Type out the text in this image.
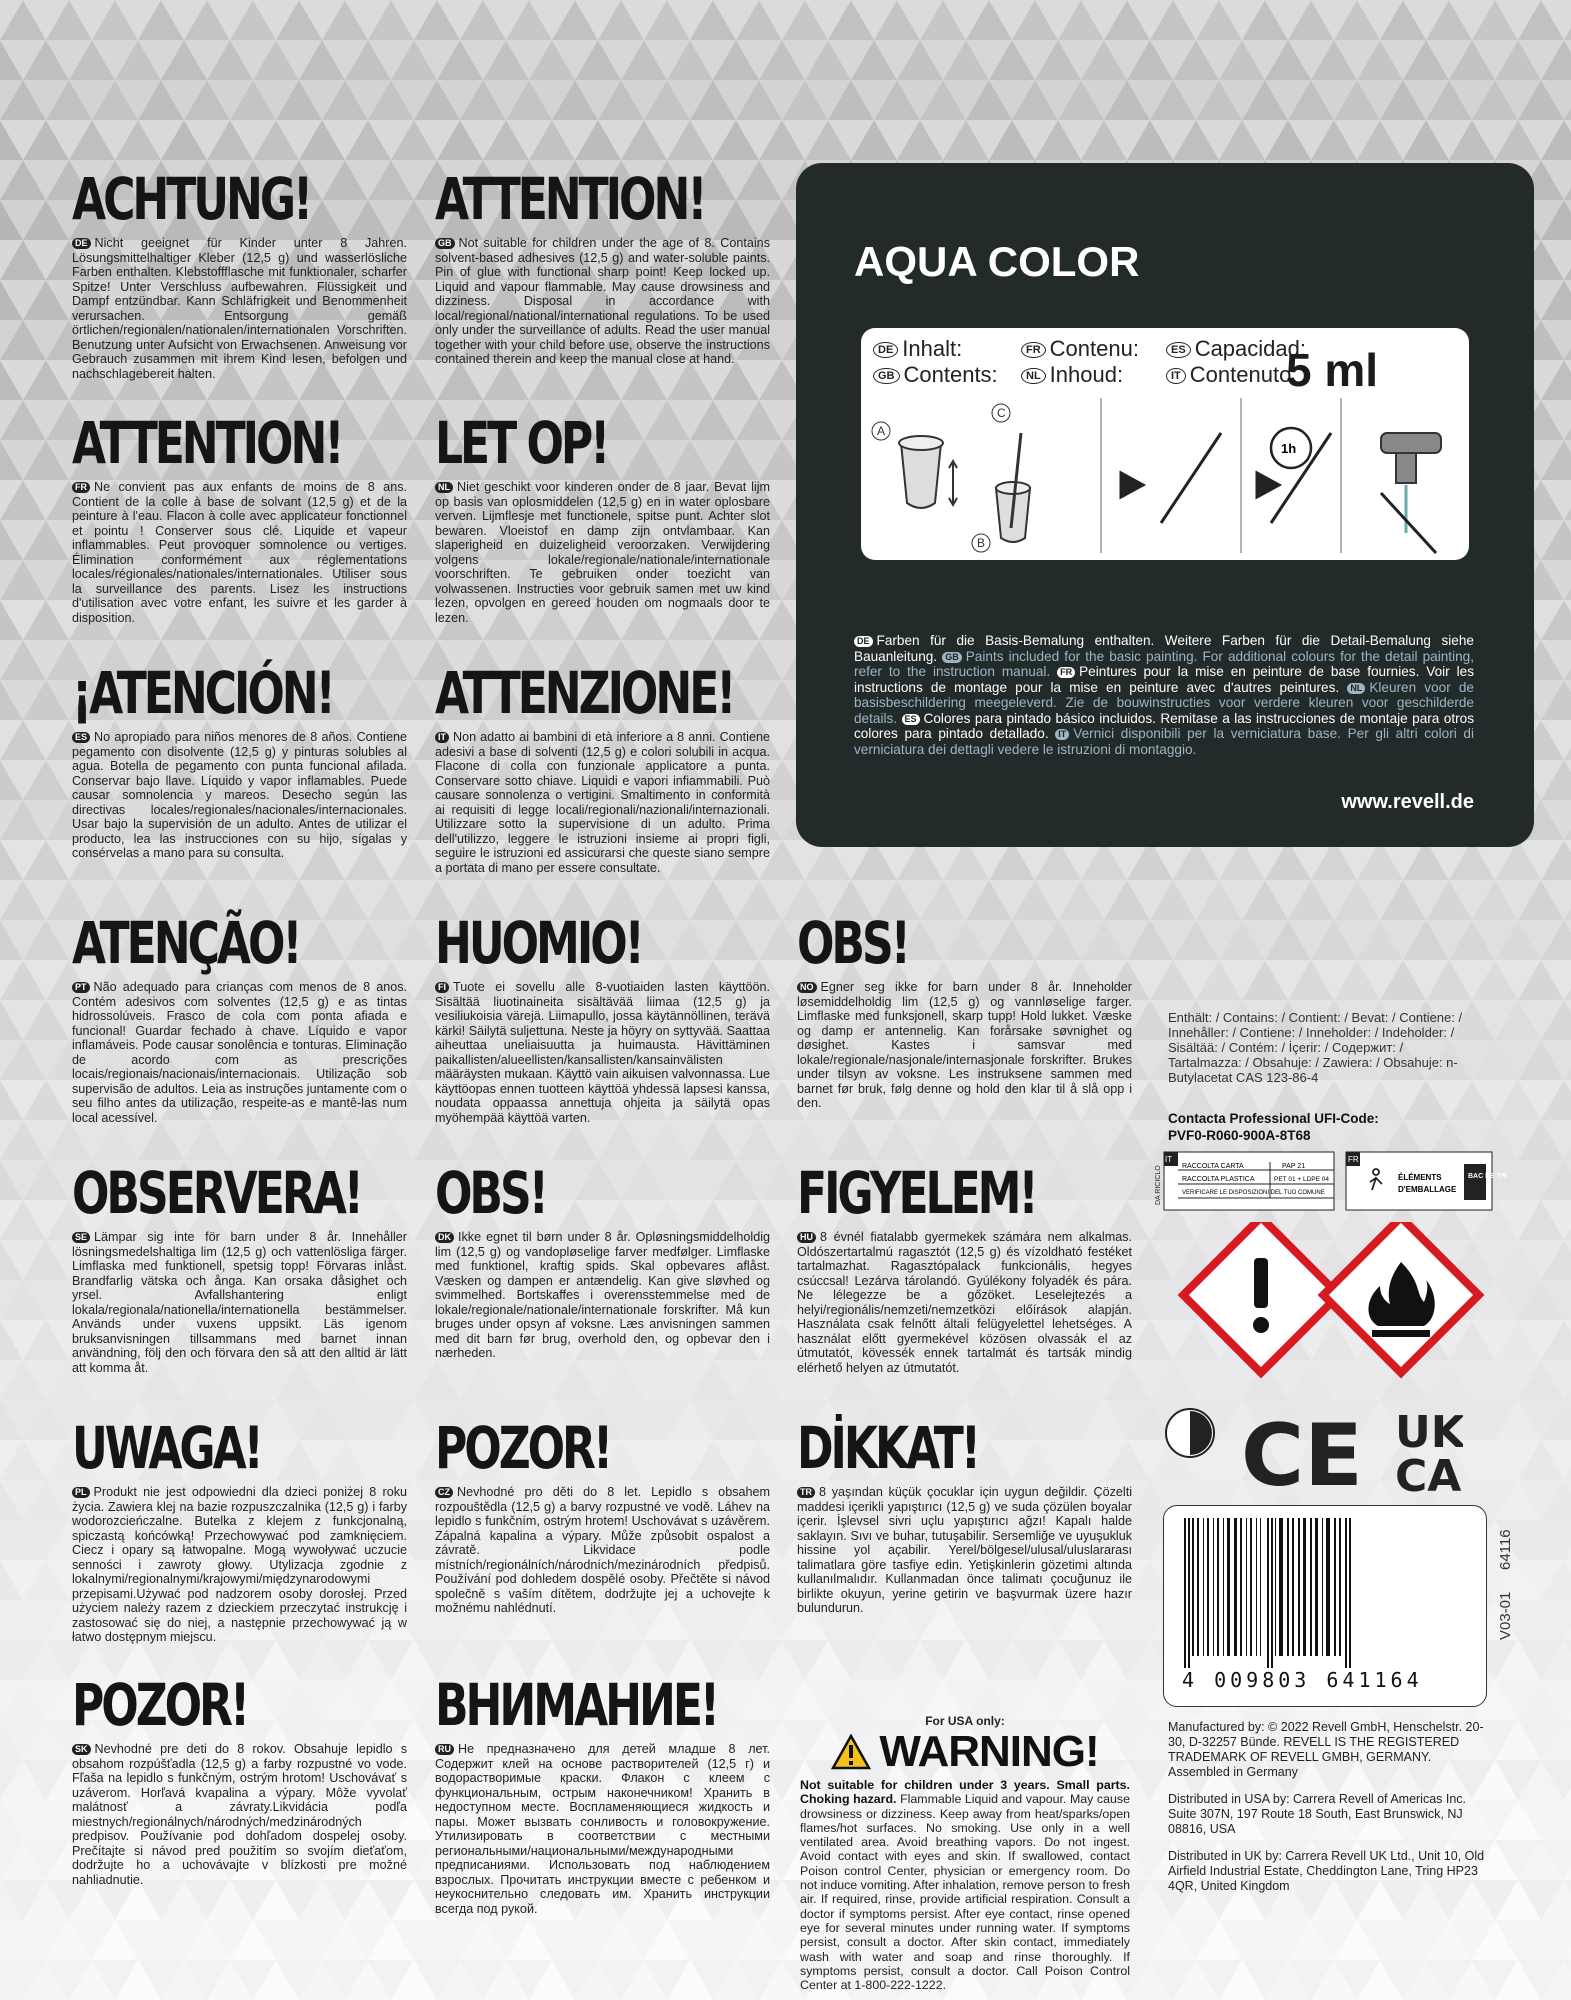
ACHTUNG!

DE Nicht geeignet für Kinder unter 8 Jahren. Lösungsmittelhaltiger Kleber (12,5 g) und wasserlösliche Farben enthalten. Klebstoffflasche mit funktionaler, scharfer Spitze! Unter Verschluss aufbewahren. Flüssigkeit und Dampf entzündbar. Kann Schläfrigkeit und Benommenheit verursachen. Entsorgung gemäß örtlichen/regionalen/nationalen/internationalen Vorschriften. Benutzung unter Aufsicht von Erwachsenen. Anweisung vor Gebrauch zusammen mit ihrem Kind lesen, befolgen und nachschlagebereit halten.

ATTENTION!

GB Not suitable for children under the age of 8. Contains solvent-based adhesives (12,5 g) and water-soluble paints. Pin of glue with functional sharp point! Keep locked up. Liquid and vapour flammable. May cause drowsiness and dizziness. Disposal in accordance with local/regional/national/international regulations. To be used only under the surveillance of adults. Read the user manual together with your child before use, observe the instructions contained therein and keep the manual close at hand.

ATTENTION!

FR Ne convient pas aux enfants de moins de 8 ans. Contient de la colle à base de solvant (12,5 g) et de la peinture à l'eau. Flacon à colle avec applicateur fonctionnel et pointu ! Conserver sous clé. Liquide et vapeur inflammables. Peut provoquer somnolence ou vertiges. Élimination conformément aux réglementations locales/régionales/nationales/internationales. Utiliser sous la surveillance des parents. Lisez les instructions d'utilisation avec votre enfant, les suivre et les garder à disposition.

LET OP!

NL Niet geschikt voor kinderen onder de 8 jaar. Bevat lijm op basis van oplosmiddelen (12,5 g) en in water oplosbare verven. Lijmflesje met functionele, spitse punt. Achter slot bewaren. Vloeistof en damp zijn ontvlambaar. Kan slaperigheid en duizeligheid veroorzaken. Verwijdering volgens lokale/regionale/nationale/internationale voorschriften. Te gebruiken onder toezicht van volwassenen. Instructies voor gebruik samen met uw kind lezen, opvolgen en gereed houden om nogmaals door te lezen.

¡ATENCIÓN!

ES No apropiado para niños menores de 8 años. Contiene pegamento con disolvente (12,5 g) y pinturas solubles al agua. Botella de pegamento con punta funcional afilada. Conservar bajo llave. Líquido y vapor inflamables. Puede causar somnolencia y mareos. Desecho según las directivas locales/regionales/nacionales/internacionales. Usar bajo la supervisión de un adulto. Antes de utilizar el producto, lea las instrucciones con su hijo, sígalas y consérvelas a mano para su consulta.

ATTENZIONE!

IT Non adatto ai bambini di età inferiore a 8 anni. Contiene adesivi a base di solventi (12,5 g) e colori solubili in acqua. Flacone di colla con funzionale applicatore a punta. Conservare sotto chiave. Liquidi e vapori infiammabili. Può causare sonnolenza o vertigini. Smaltimento in conformità ai requisiti di legge locali/regionali/nazionali/internazionali. Utilizzare sotto la supervisione di un adulto. Prima dell'utilizzo, leggere le istruzioni insieme ai propri figli, seguire le istruzioni ed assicurarsi che queste siano sempre a portata di mano per essere consultate.

ATENÇÃO!

PT Não adequado para crianças com menos de 8 anos. Contém adesivos com solventes (12,5 g) e as tintas hidrossolúveis. Frasco de cola com ponta afiada e funcional! Guardar fechado à chave. Líquido e vapor inflamáveis. Pode causar sonolência e tonturas. Eliminação de acordo com as prescrições locais/regionais/nacionais/internacionais. Utilização sob supervisão de adultos. Leia as instruções juntamente com o seu filho antes da utilização, respeite-as e mantê-las num local acessível.

HUOMIO!

FI Tuote ei sovellu alle 8-vuotiaiden lasten käyttöön. Sisältää liuotinaineita sisältävää liimaa (12,5 g) ja vesiliukoisia värejä. Liimapullo, jossa käytännöllinen, terävä kärki! Säilytä suljettuna. Neste ja höyry on syttyvää. Saattaa aiheuttaa uneliaisuutta ja huimausta. Hävittäminen paikallisten/alueellisten/kansallisten/kansainvälisten määräysten mukaan. Käyttö vain aikuisen valvonnassa. Lue käyttöopas ennen tuotteen käyttöä yhdessä lapsesi kanssa, noudata oppaassa annettuja ohjeita ja säilytä opas myöhempää käyttöä varten.

OBS!

NO Egner seg ikke for barn under 8 år. Inneholder løsemiddelholdig lim (12,5 g) og vannløselige farger. Limflaske med funksjonell, skarp tupp! Hold lukket. Væske og damp er antennelig. Kan forårsake søvnighet og døsighet. Kastes i samsvar med lokale/regionale/nasjonale/internasjonale forskrifter. Brukes under tilsyn av voksne. Les instruksene sammen med barnet før bruk, følg denne og hold den klar til å slå opp i den.

OBSERVERA!

SE Lämpar sig inte för barn under 8 år. Innehåller lösningsmedelshaltiga lim (12,5 g) och vattenlösliga färger. Limflaska med funktionell, spetsig topp! Förvaras inlåst. Brandfarlig vätska och ånga. Kan orsaka dåsighet och yrsel. Avfallshantering enligt lokala/regionala/nationella/internationella bestämmelser. Används under vuxens uppsikt. Läs igenom bruksanvisningen tillsammans med barnet innan användning, följ den och förvara den så att den alltid är lätt att komma åt.

OBS!

DK Ikke egnet til børn under 8 år. Opløsningsmiddelholdig lim (12,5 g) og vandopløselige farver medfølger. Limflaske med funktionel, kraftig spids. Skal opbevares aflåst. Væsken og dampen er antændelig. Kan give sløvhed og svimmelhed. Bortskaffes i overensstemmelse med de lokale/regionale/nationale/internationale forskrifter. Må kun bruges under opsyn af voksne. Læs anvisningen sammen med dit barn før brug, overhold den, og opbevar den i nærheden.

FIGYELEM!

HU 8 évnél fiatalabb gyermekek számára nem alkalmas. Oldószertartalmú ragasztót (12,5 g) és vízoldható festéket tartalmazhat. Ragasztópalack funkcionális, hegyes csúccsal! Lezárva tárolandó. Gyúlékony folyadék és pára. Ne lélegezze be a gőzöket. Leselejtezés a helyi/regionális/nemzeti/nemzetközi előírások alapján. Használata csak felnőtt általi felügyelettel lehetséges. A használat előtt gyermekével közösen olvassák el az útmutatót, kövessék ennek tartalmát és tartsák mindig elérhető helyen az útmutatót.

UWAGA!

PL Produkt nie jest odpowiedni dla dzieci poniżej 8 roku życia. Zawiera klej na bazie rozpuszczalnika (12,5 g) i farby wodorozcieńczalne. Butelka z klejem z funkcjonalną, spiczastą końcówką! Przechowywać pod zamknięciem. Ciecz i opary są łatwopalne. Mogą wywoływać uczucie senności i zawroty głowy. Utylizacja zgodnie z lokalnymi/regionalnymi/krajowymi/międzynarodowymi przepisami.Używać pod nadzorem osoby dorosłej. Przed użyciem należy razem z dzieckiem przeczytać instrukcję i zastosować się do niej, a następnie przechowywać ją w łatwo dostępnym miejscu.

POZOR!

CZ Nevhodné pro děti do 8 let. Lepidlo s obsahem rozpouštědla (12,5 g) a barvy rozpustné ve vodě. Láhev na lepidlo s funkčním, ostrým hrotem! Uschovávat s uzávěrem. Zápalná kapalina a výpary. Může způsobit ospalost a závratě. Likvidace podle místních/regionálních/národních/mezinárodních předpisů. Používání pod dohledem dospělé osoby. Přečtěte si návod společně s vaším dítětem, dodržujte jej a uchovejte k možnému nahlédnutí.

DİKKAT!

TR 8 yaşından küçük çocuklar için uygun değildir. Çözelti maddesi içerikli yapıştırıcı (12,5 g) ve suda çözülen boyalar içerir. İşlevsel sivri uçlu yapıştırıcı ağzı! Kapalı halde saklayın. Sıvı ve buhar, tutuşabilir. Sersemliğe ve uyuşukluk hissine yol açabilir. Yerel/bölgesel/ulusal/uluslararası talimatlara göre tasfiye edin. Yetişkinlerin gözetimi altında kullanılmalıdır. Kullanmadan önce talimatı çocuğunuz ile birlikte okuyun, yerine getirin ve başvurmak üzere hazır bulundurun.

POZOR!

SK Nevhodné pre deti do 8 rokov. Obsahuje lepidlo s obsahom rozpúšťadla (12,5 g) a farby rozpustné vo vode. Fľaša na lepidlo s funkčným, ostrým hrotom! Uschovávať s uzáverom. Horľavá kvapalina a výpary. Môže vyvolať malátnosť a závraty.Likvidácia podľa miestnych/regionálnych/národných/medzinárodných predpisov. Používanie pod dohľadom dospelej osoby. Prečítajte si návod pred použitím so svojím dieťaťom, dodržujte ho a uchovávajte v blízkosti pre možné nahliadnutie.

ВНИМАНИЕ!

RU Не предназначено для детей младше 8 лет. Содержит клей на основе растворителей (12,5 г) и водорастворимые краски. Флакон с клеем с функциональным, острым наконечником! Хранить в недоступном месте. Воспламеняющиеся жидкость и пары. Может вызвать сонливость и головокружение. Утилизировать в соответствии с местными региональными/национальными/международными предписаниями. Использовать под наблюдением взрослых. Прочитать инструкции вместе с ребенком и неукоснительно следовать им. Хранить инструкции всегда под рукой.

AQUA COLOR
DE Inhalt:
GB Contents:
FR Contenu:
NL Inhoud:
ES Capacidad:
IT Contenuto:
5 ml
A
B
C
1h
DE Farben für die Basis-Bemalung enthalten. Weitere Farben für die Detail-Bemalung siehe Bauanleitung. GB Paints included for the basic painting. For additional colours for the detail painting, refer to the instruction manual. FR Peintures pour la mise en peinture de base fournies. Voir les instructions de montage pour la mise en peinture avec d'autres peintures. NL Kleuren voor de basisbeschildering meegeleverd. Zie de bouwinstructies voor verdere kleuren voor geschilderde details. ES Colores para pintado básico incluidos. Remitase a las instrucciones de montaje para otros colores para pintado detallado. IT Vernici disponibili per la verniciatura base. Per gli altri colori di verniciatura dei dettagli vedere le istruzioni di montaggio.
www.revell.de
Enthält: / Contains: / Contient: / Bevat: / Contiene: / Innehåller: / Contiene: / Inneholder: / Indeholder: / Sisältää: / Contém: / İçerir: / Содержит: / Tartalmazza: / Obsahuje: / Zawiera: / Obsahuje: n-Butylacetat CAS 123-86-4
Contacta Professional UFI-Code:
PVF0-R060-900A-8T68
IT
DA RICICLO	RACCOLTA CARTA	PAP 21
RACCOLTA PLASTICA	PET 01 + LDPE 04
VERIFICARE LE DISPOSIZIONI DEL TUO COMUNE
FR
ÉLÉMENTS
D'EMBALLAGE
BAC DE TRI
CE UK
CA
4 009803 641164
64116
V03-01

Manufactured by: © 2022 Revell GmbH, Henschelstr. 20-30, D-32257 Bünde. REVELL IS THE REGISTERED TRADEMARK OF REVELL GMBH, GERMANY. Assembled in Germany

Distributed in USA by: Carrera Revell of Americas Inc. Suite 307N, 197 Route 18 South, East Brunswick, NJ 08816, USA

Distributed in UK by: Carrera Revell UK Ltd., Unit 10, Old Airfield Industrial Estate, Cheddington Lane, Tring HP23 4QR, United Kingdom

For USA only:
WARNING!
Not suitable for children under 3 years. Small parts. Choking hazard. Flammable Liquid and vapour. May cause drowsiness or dizziness. Keep away from heat/sparks/open flames/hot surfaces. No smoking. Use only in a well ventilated area. Avoid breathing vapors. Do not ingest. Avoid contact with eyes and skin. If swallowed, contact Poison control Center, physician or emergency room. Do not induce vomiting. After inhalation, remove person to fresh air. If required, rinse, provide artificial respiration. Consult a doctor if symptoms persist. After eye contact, rinse opened eye for several minutes under running water. If symptoms persist, consult a doctor. After skin contact, immediately wash with water and soap and rinse thoroughly. If symptoms persist, consult a doctor. Call Poison Control Center at 1-800-222-1222.
